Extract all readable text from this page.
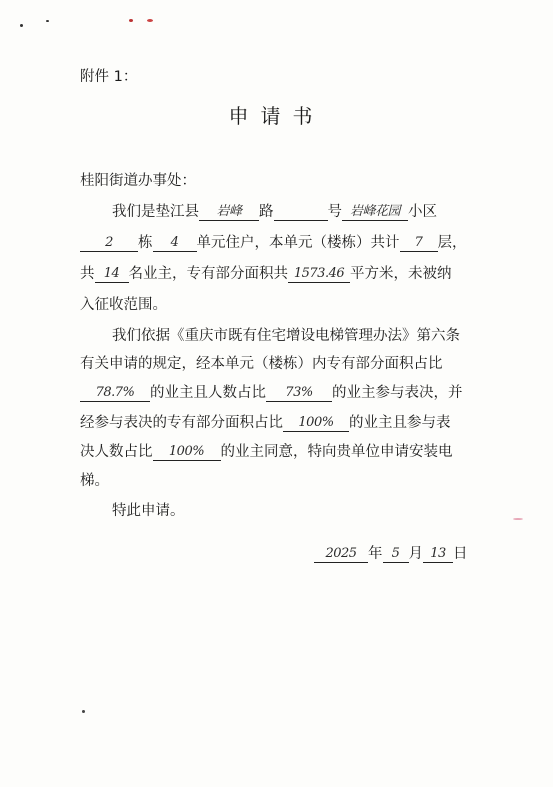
附件 1：
申请书
桂阳街道办事处：
我们是垫江县 岩峰 路	号 岩峰花园 小区
2 栋 4 单元住户，本单元（楼栋）共计 7 层，
共 14 名业主，专有部分面积共 1573.46 平方米，未被纳
入征收范围。
我们依据《重庆市既有住宅增设电梯管理办法》第六条
有关申请的规定，经本单元（楼栋）内专有部分面积占比
78.7% 的业主且人数占比 73% 的业主参与表决，并
经参与表决的专有部分面积占比 100% 的业主且参与表
决人数占比 100% 的业主同意，特向贵单位申请安装电
梯。
特此申请。
2025 年 5 月 13 日
